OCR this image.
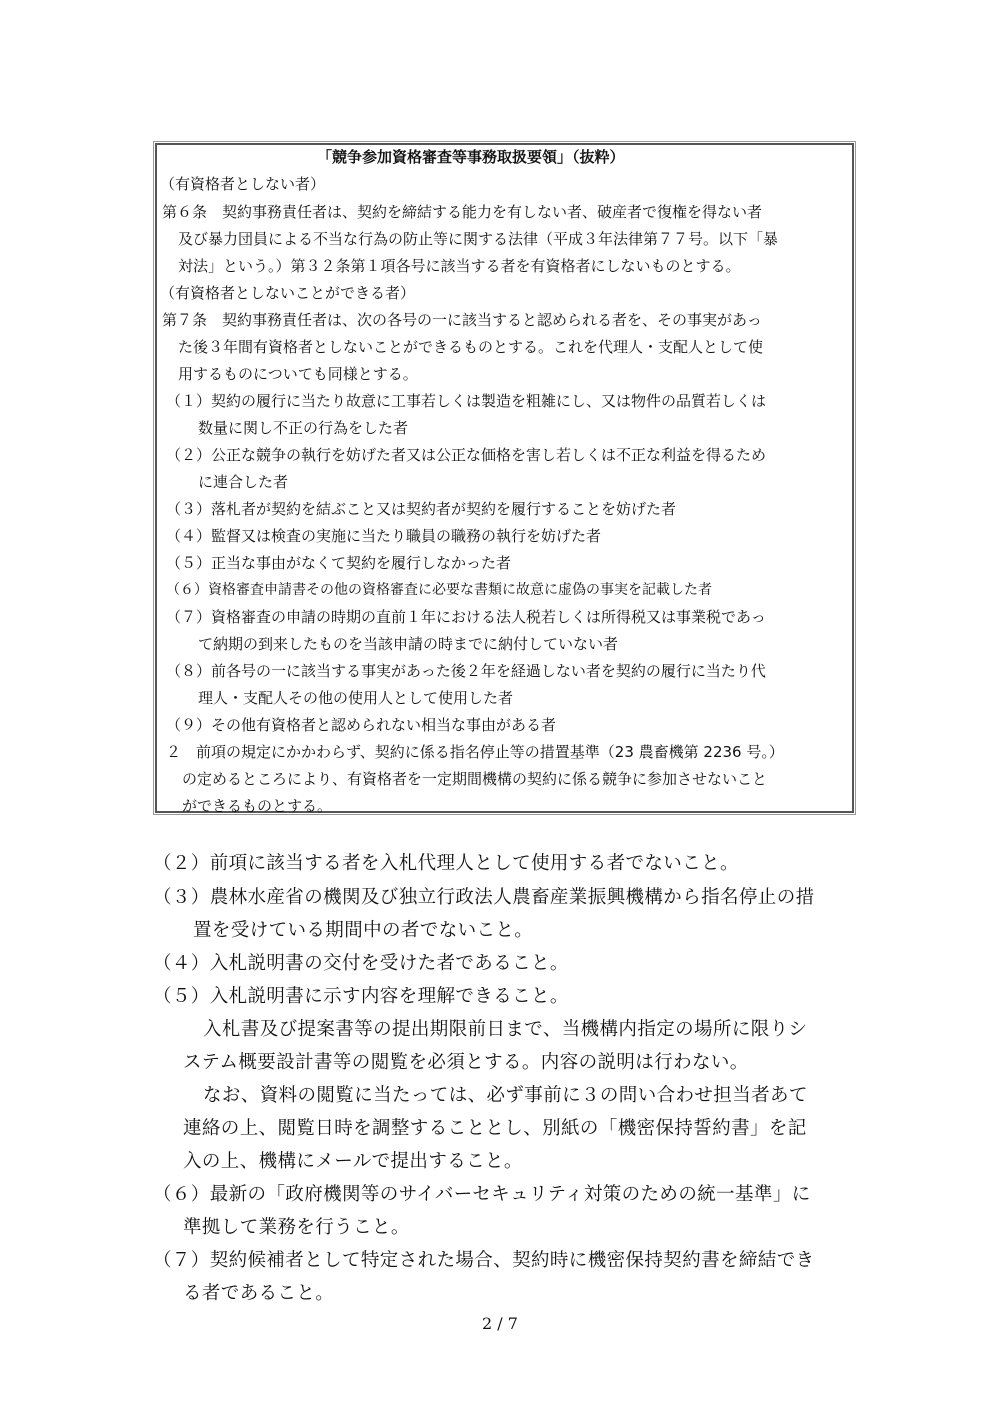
「競争参加資格審査等事務取扱要領」（抜粋）
（有資格者としない者）
第６条　契約事務責任者は、契約を締結する能力を有しない者、破産者で復権を得ない者
及び暴力団員による不当な行為の防止等に関する法律（平成３年法律第７７号。以下「暴
対法」という。）第３２条第１項各号に該当する者を有資格者にしないものとする。
（有資格者としないことができる者）
第７条　契約事務責任者は、次の各号の一に該当すると認められる者を、その事実があっ
た後３年間有資格者としないことができるものとする。これを代理人・支配人として使
用するものについても同様とする。
（１）契約の履行に当たり故意に工事若しくは製造を粗雑にし、又は物件の品質若しくは
数量に関し不正の行為をした者
（２）公正な競争の執行を妨げた者又は公正な価格を害し若しくは不正な利益を得るため
に連合した者
（３）落札者が契約を結ぶこと又は契約者が契約を履行することを妨げた者
（４）監督又は検査の実施に当たり職員の職務の執行を妨げた者
（５）正当な事由がなくて契約を履行しなかった者
（６）資格審査申請書その他の資格審査に必要な書類に故意に虚偽の事実を記載した者
（７）資格審査の申請の時期の直前１年における法人税若しくは所得税又は事業税であっ
て納期の到来したものを当該申請の時までに納付していない者
（８）前各号の一に該当する事実があった後２年を経過しない者を契約の履行に当たり代
理人・支配人その他の使用人として使用した者
（９）その他有資格者と認められない相当な事由がある者
２　前項の規定にかかわらず、契約に係る指名停止等の措置基準（23 農畜機第 2236 号。）
の定めるところにより、有資格者を一定期間機構の契約に係る競争に参加させないこと
ができるものとする。
（２）前項に該当する者を入札代理人として使用する者でないこと。
（３）農林水産省の機関及び独立行政法人農畜産業振興機構から指名停止の措
置を受けている期間中の者でないこと。
（４）入札説明書の交付を受けた者であること。
（５）入札説明書に示す内容を理解できること。
入札書及び提案書等の提出期限前日まで、当機構内指定の場所に限りシ
ステム概要設計書等の閲覧を必須とする。内容の説明は行わない。
なお、資料の閲覧に当たっては、必ず事前に３の問い合わせ担当者あて
連絡の上、閲覧日時を調整することとし、別紙の「機密保持誓約書」を記
入の上、機構にメールで提出すること。
（６）最新の「政府機関等のサイバーセキュリティ対策のための統一基準」に
準拠して業務を行うこと。
（７）契約候補者として特定された場合、契約時に機密保持契約書を締結でき
る者であること。
2 / 7
